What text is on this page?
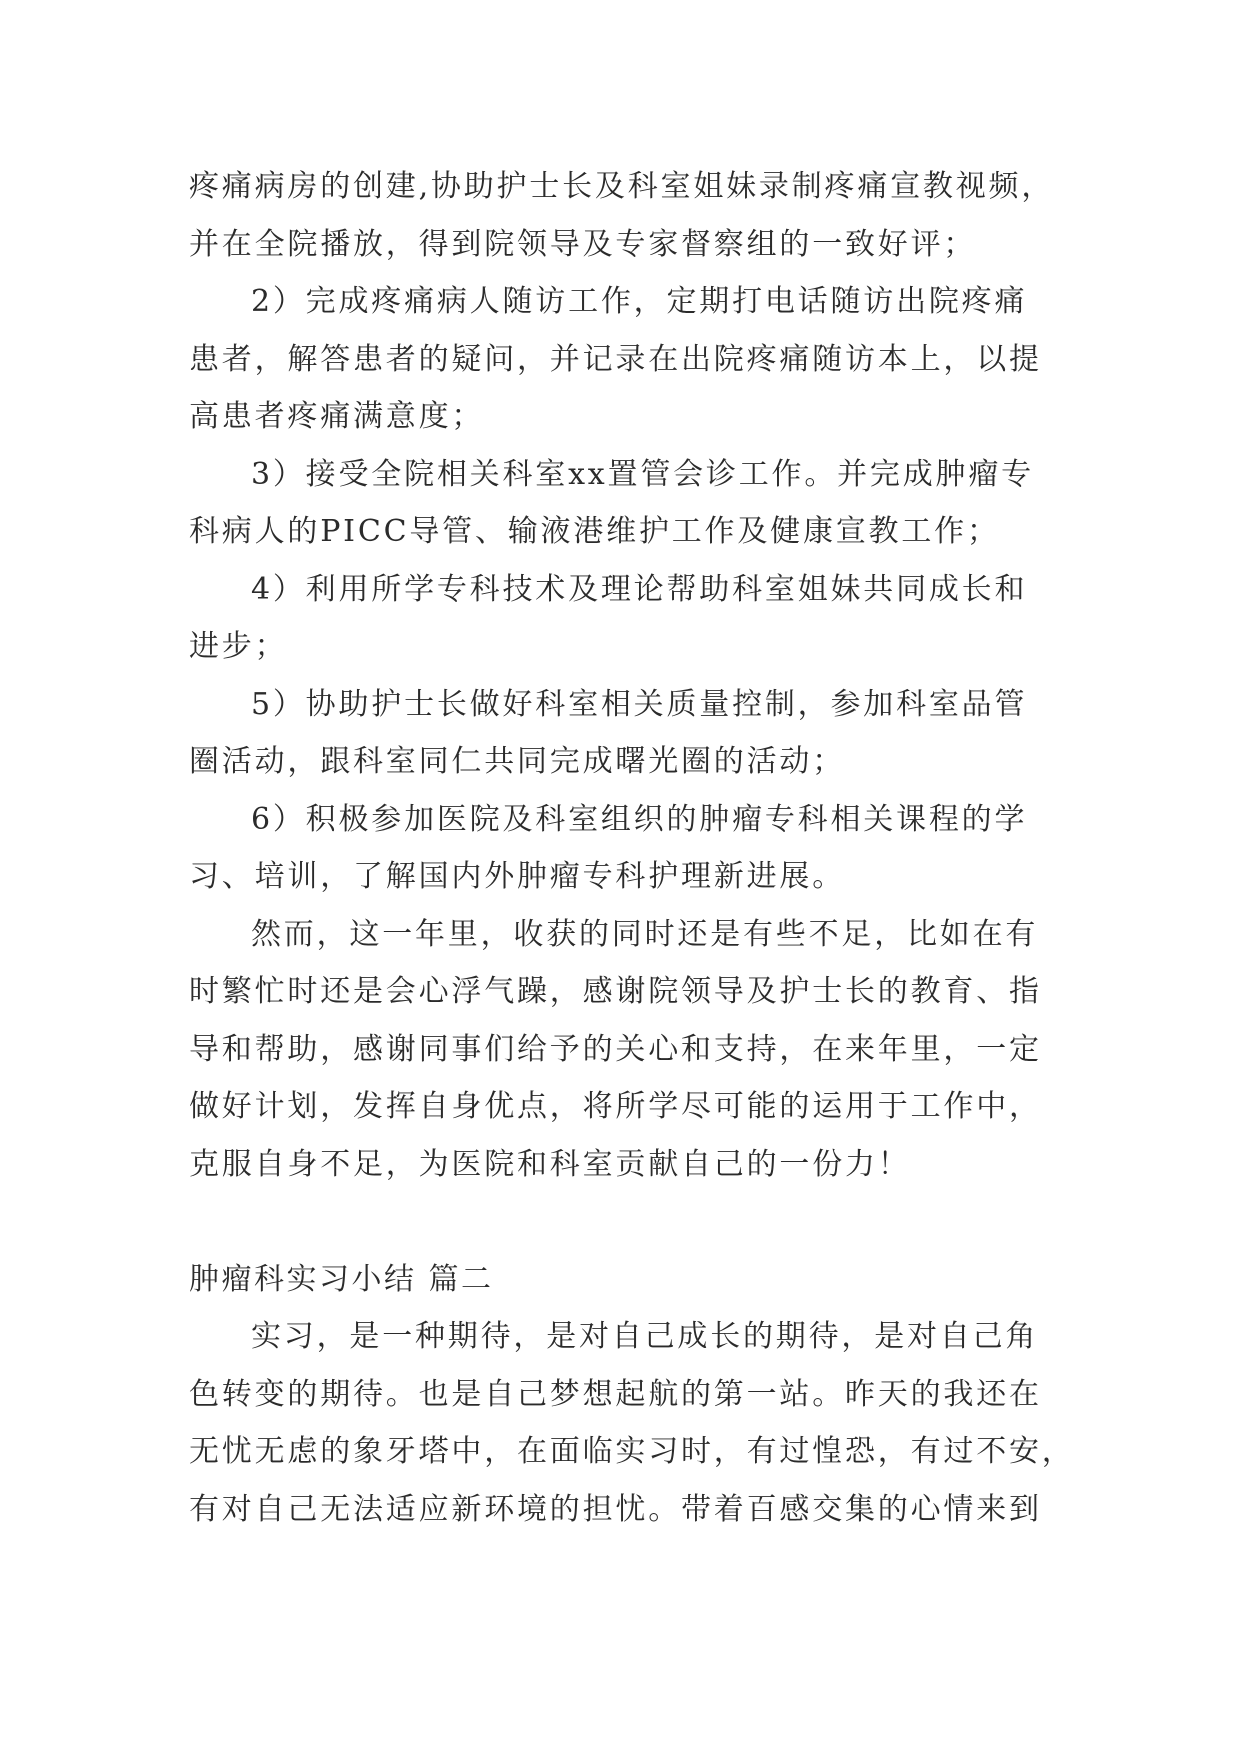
疼痛病房的创建,协助护士长及科室姐妹录制疼痛宣教视频，
并在全院播放，得到院领导及专家督察组的一致好评；
2）完成疼痛病人随访工作，定期打电话随访出院疼痛
患者，解答患者的疑问，并记录在出院疼痛随访本上，以提
高患者疼痛满意度；
3）接受全院相关科室xx置管会诊工作。并完成肿瘤专
科病人的PICC导管、输液港维护工作及健康宣教工作；
4）利用所学专科技术及理论帮助科室姐妹共同成长和
进步；
5）协助护士长做好科室相关质量控制，参加科室品管
圈活动，跟科室同仁共同完成曙光圈的活动；
6）积极参加医院及科室组织的肿瘤专科相关课程的学
习、培训，了解国内外肿瘤专科护理新进展。
然而，这一年里，收获的同时还是有些不足，比如在有
时繁忙时还是会心浮气躁，感谢院领导及护士长的教育、指
导和帮助，感谢同事们给予的关心和支持，在来年里，一定
做好计划，发挥自身优点，将所学尽可能的运用于工作中，
克服自身不足，为医院和科室贡献自己的一份力！
肿瘤科实习小结 篇二
实习，是一种期待，是对自己成长的期待，是对自己角
色转变的期待。也是自己梦想起航的第一站。昨天的我还在
无忧无虑的象牙塔中，在面临实习时，有过惶恐，有过不安，
有对自己无法适应新环境的担忧。带着百感交集的心情来到
